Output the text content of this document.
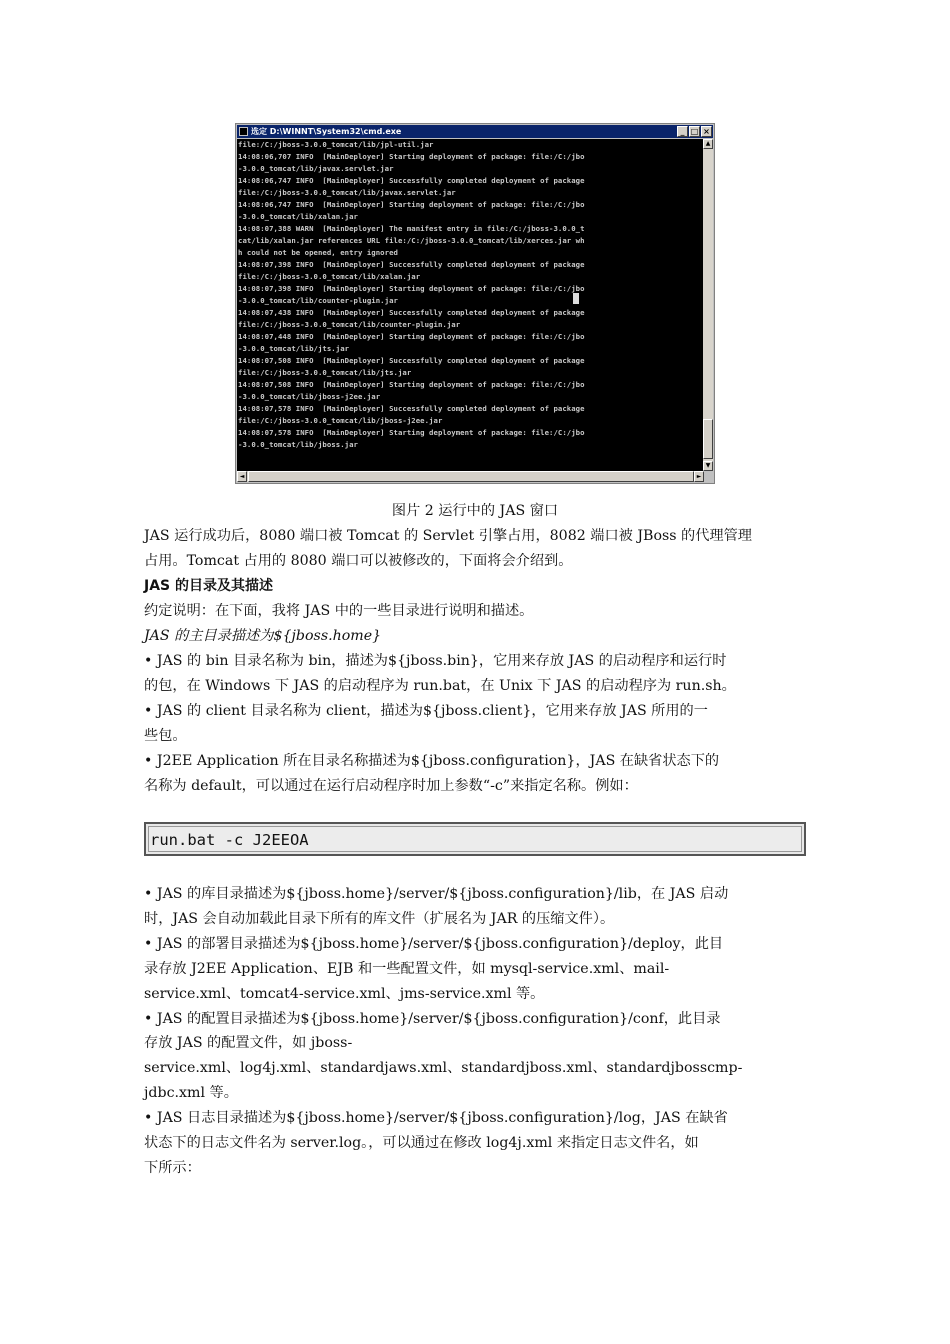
选定 D:\WINNT\System32\cmd.exe	_ □ ×
file:/C:/jboss-3.0.0_tomcat/lib/jpl-util.jar
14:08:06,707 INFO  [MainDeployer] Starting deployment of package: file:/C:/jbo
-3.0.0_tomcat/lib/javax.servlet.jar
14:08:06,747 INFO  [MainDeployer] Successfully completed deployment of package
file:/C:/jboss-3.0.0_tomcat/lib/javax.servlet.jar
14:08:06,747 INFO  [MainDeployer] Starting deployment of package: file:/C:/jbo
-3.0.0_tomcat/lib/xalan.jar
14:08:07,388 WARN  [MainDeployer] The manifest entry in file:/C:/jboss-3.0.0_t
cat/lib/xalan.jar references URL file:/C:/jboss-3.0.0_tomcat/lib/xerces.jar wh
h could not be opened, entry ignored
14:08:07,398 INFO  [MainDeployer] Successfully completed deployment of package
file:/C:/jboss-3.0.0_tomcat/lib/xalan.jar
14:08:07,398 INFO  [MainDeployer] Starting deployment of package: file:/C:/jbo
-3.0.0_tomcat/lib/counter-plugin.jar
14:08:07,438 INFO  [MainDeployer] Successfully completed deployment of package
file:/C:/jboss-3.0.0_tomcat/lib/counter-plugin.jar
14:08:07,448 INFO  [MainDeployer] Starting deployment of package: file:/C:/jbo
-3.0.0_tomcat/lib/jts.jar
14:08:07,508 INFO  [MainDeployer] Successfully completed deployment of package
file:/C:/jboss-3.0.0_tomcat/lib/jts.jar
14:08:07,508 INFO  [MainDeployer] Starting deployment of package: file:/C:/jbo
-3.0.0_tomcat/lib/jboss-j2ee.jar
14:08:07,578 INFO  [MainDeployer] Successfully completed deployment of package
file:/C:/jboss-3.0.0_tomcat/lib/jboss-j2ee.jar
14:08:07,578 INFO  [MainDeployer] Starting deployment of package: file:/C:/jbo
-3.0.0_tomcat/lib/jboss.jar
▲
▼
◄	►
图片 2 运行中的 JAS 窗口
JAS 运行成功后，8080 端口被 Tomcat 的 Servlet 引擎占用，8082 端口被 JBoss 的代理管理
占用。Tomcat 占用的 8080 端口可以被修改的，下面将会介绍到。
JAS 的目录及其描述
约定说明：在下面，我将 JAS 中的一些目录进行说明和描述。
JAS 的主目录描述为${jboss.home}
• JAS 的 bin 目录名称为 bin，描述为${jboss.bin}，它用来存放 JAS 的启动程序和运行时
的包，在 Windows 下 JAS 的启动程序为 run.bat，在 Unix 下 JAS 的启动程序为 run.sh。
• JAS 的 client 目录名称为 client，描述为${jboss.client}，它用来存放 JAS 所用的一
些包。
• J2EE Application 所在目录名称描述为${jboss.configuration}，JAS 在缺省状态下的
名称为 default，可以通过在运行启动程序时加上参数“-c”来指定名称。例如：
run.bat -c J2EEOA
• JAS 的库目录描述为${jboss.home}/server/${jboss.configuration}/lib，在 JAS 启动
时，JAS 会自动加载此目录下所有的库文件（扩展名为 JAR 的压缩文件）。
• JAS 的部署目录描述为${jboss.home}/server/${jboss.configuration}/deploy，此目
录存放 J2EE Application、EJB 和一些配置文件，如 mysql-service.xml、mail-
service.xml、tomcat4-service.xml、jms-service.xml 等。
• JAS 的配置目录描述为${jboss.home}/server/${jboss.configuration}/conf，此目录
存放 JAS 的配置文件，如 jboss-
service.xml、log4j.xml、standardjaws.xml、standardjboss.xml、standardjbosscmp-
jdbc.xml 等。
• JAS 日志目录描述为${jboss.home}/server/${jboss.configuration}/log，JAS 在缺省
状态下的日志文件名为 server.log。，可以通过在修改 log4j.xml 来指定日志文件名，如
下所示：
